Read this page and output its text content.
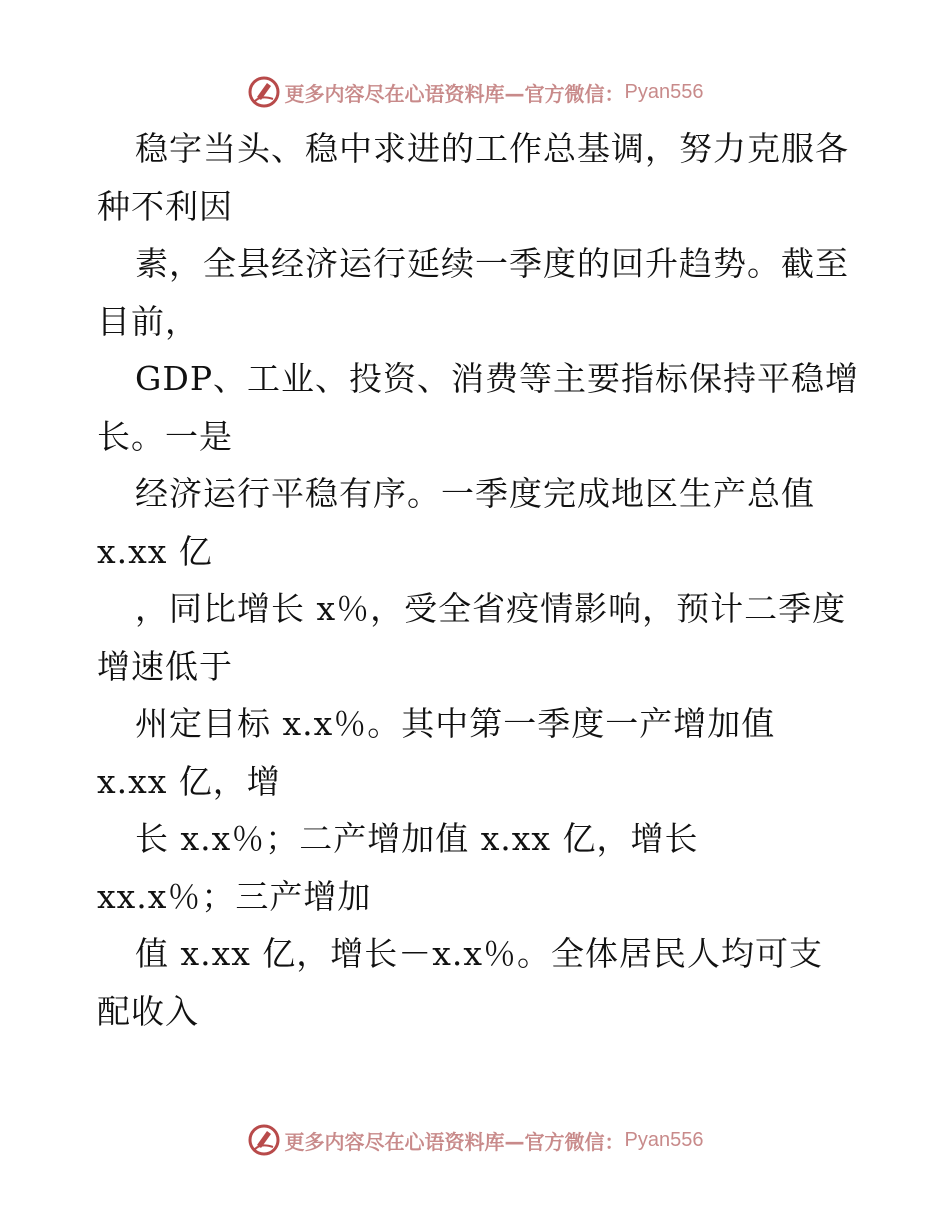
更多内容尽在心语资料库—官方微信： Pyan556
稳字当头、稳中求进的工作总基调，努力克服各
种不利因
素，全县经济运行延续一季度的回升趋势。截至
目前，
GDP、工业、投资、消费等主要指标保持平稳增
长。一是
经济运行平稳有序。一季度完成地区生产总值
x.xx 亿
，同比增长 x％，受全省疫情影响，预计二季度
增速低于
州定目标 x.x％。其中第一季度一产增加值
x.xx 亿，增
长 x.x％；二产增加值 x.xx 亿，增长
xx.x％；三产增加
值 x.xx 亿，增长－x.x％。全体居民人均可支
配收入
更多内容尽在心语资料库—官方微信： Pyan556
